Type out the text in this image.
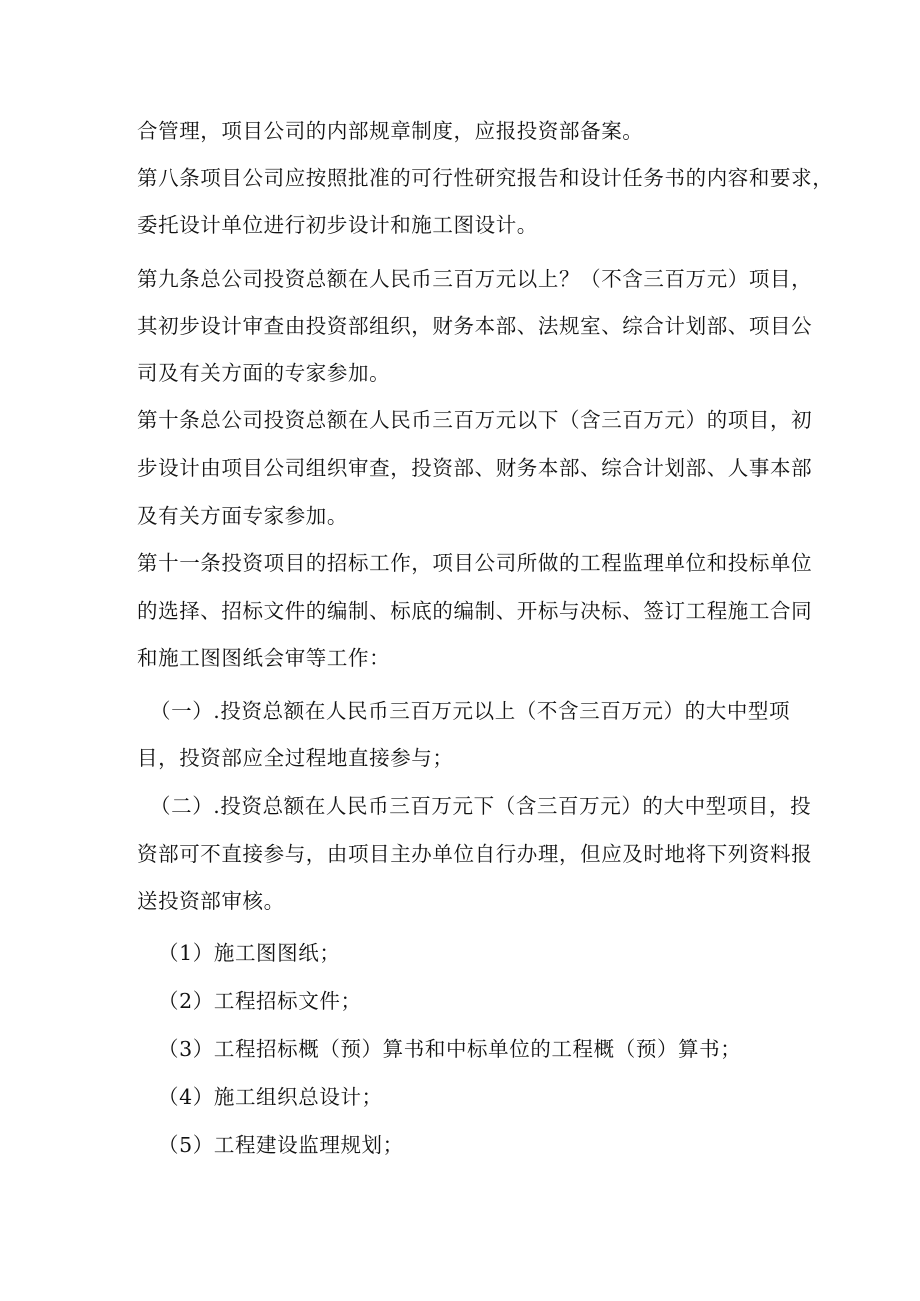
合管理，项目公司的内部规章制度，应报投资部备案。
第八条项目公司应按照批准的可行性研究报告和设计任务书的内容和要求，
委托设计单位进行初步设计和施工图设计。
第九条总公司投资总额在人民币三百万元以上？（不含三百万元）项目，
其初步设计审查由投资部组织，财务本部、法规室、综合计划部、项目公
司及有关方面的专家参加。
第十条总公司投资总额在人民币三百万元以下（含三百万元）的项目，初
步设计由项目公司组织审查，投资部、财务本部、综合计划部、人事本部
及有关方面专家参加。
第十一条投资项目的招标工作，项目公司所做的工程监理单位和投标单位
的选择、招标文件的编制、标底的编制、开标与决标、签订工程施工合同
和施工图图纸会审等工作：
（一）.投资总额在人民币三百万元以上（不含三百万元）的大中型项
目，投资部应全过程地直接参与；
（二）.投资总额在人民币三百万元下（含三百万元）的大中型项目，投
资部可不直接参与，由项目主办单位自行办理，但应及时地将下列资料报
送投资部审核。
（1）施工图图纸；
（2）工程招标文件；
（3）工程招标概（预）算书和中标单位的工程概（预）算书；
（4）施工组织总设计；
（5）工程建设监理规划；
